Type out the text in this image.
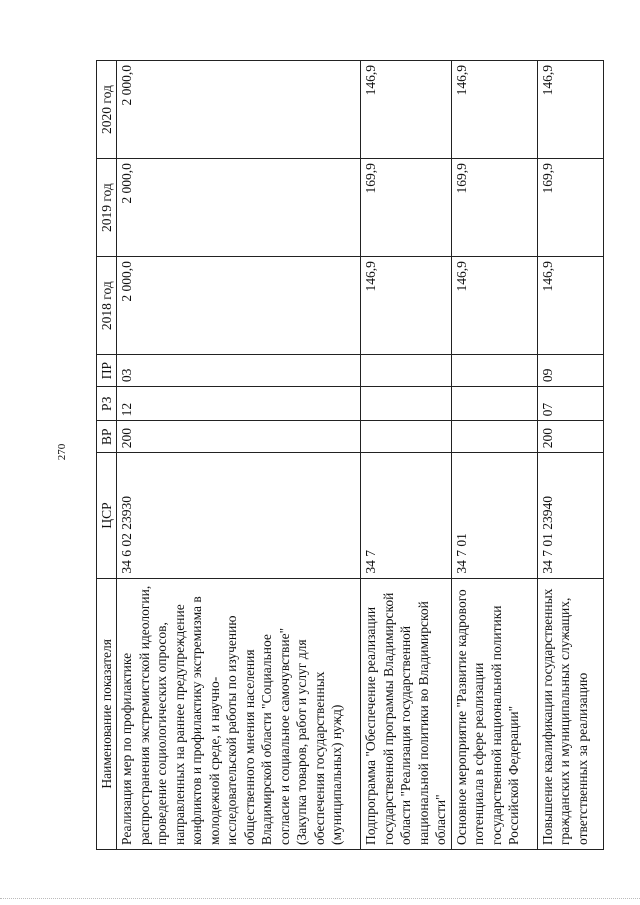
270
Наименование показателя	ЦСР	ВР	РЗ	ПР	2018 год	2019 год	2020 год
Реализация мер по профилактике распространения экстремистской идеологии, проведение социологических опросов, направленных на раннее предупреждение конфликтов и профилактику экстремизма в молодежной среде, и научно-исследовательской работы по изучению общественного мнения населения Владимирской области "Социальное согласие и социальное самочувствие" (Закупка товаров, работ и услуг для обеспечения государственных (муниципальных) нужд)	34 6 02 23930	200	12	03	2 000,0	2 000,0	2 000,0
Подпрограмма "Обеспечение реализации государственной программы Владимирской области "Реализация государственной национальной политики во Владимирской области"	34 7				146,9	169,9	146,9
Основное мероприятие "Развитие кадрового потенциала в сфере реализации государственной национальной политики Российской Федерации"	34 7 01				146,9	169,9	146,9
Повышение квалификации государственных гражданских и муниципальных служащих, ответственных за реализацию	34 7 01 23940	200	07	09	146,9	169,9	146,9
